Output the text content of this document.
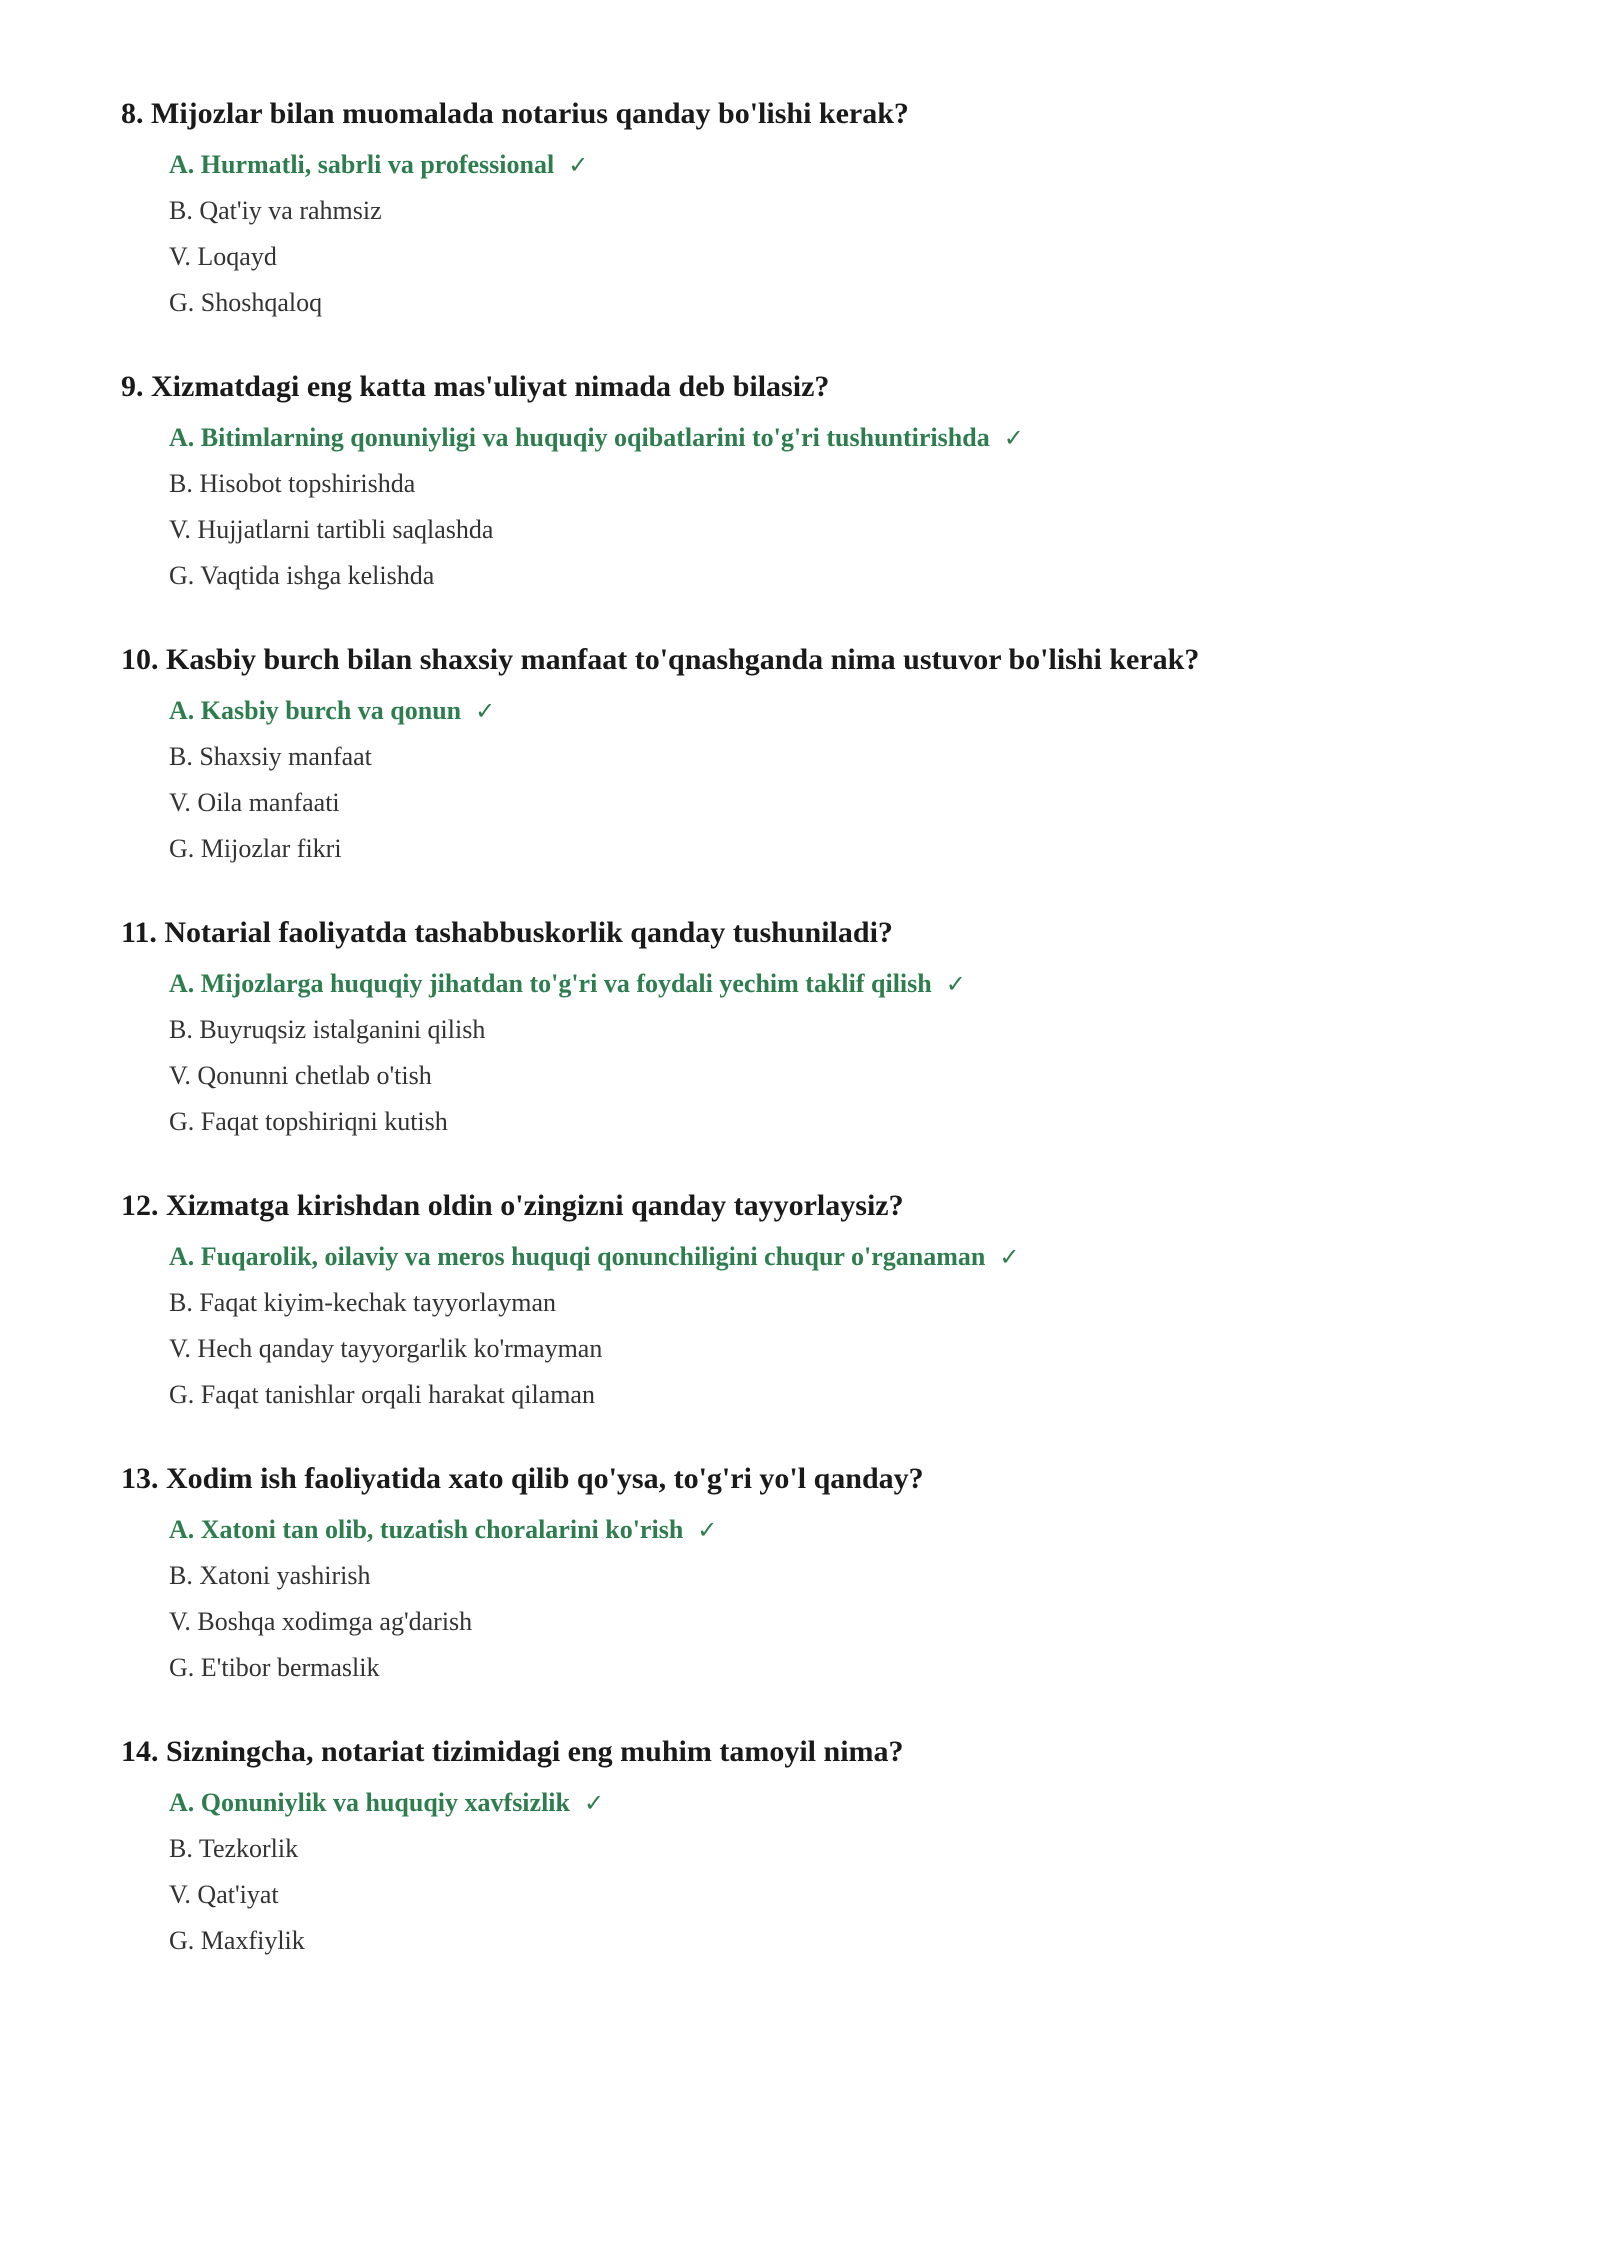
8. Mijozlar bilan muomalada notarius qanday bo'lishi kerak?
A. Hurmatli, sabrli va professional ✓
B. Qat'iy va rahmsiz
V. Loqayd
G. Shoshqaloq
9. Xizmatdagi eng katta mas'uliyat nimada deb bilasiz?
A. Bitimlarning qonuniyligi va huquqiy oqibatlarini to'g'ri tushuntirishda ✓
B. Hisobot topshirishda
V. Hujjatlarni tartibli saqlashda
G. Vaqtida ishga kelishda
10. Kasbiy burch bilan shaxsiy manfaat to'qnashganda nima ustuvor bo'lishi kerak?
A. Kasbiy burch va qonun ✓
B. Shaxsiy manfaat
V. Oila manfaati
G. Mijozlar fikri
11. Notarial faoliyatda tashabbuskorlik qanday tushuniladi?
A. Mijozlarga huquqiy jihatdan to'g'ri va foydali yechim taklif qilish ✓
B. Buyruqsiz istalganini qilish
V. Qonunni chetlab o'tish
G. Faqat topshiriqni kutish
12. Xizmatga kirishdan oldin o'zingizni qanday tayyorlaysiz?
A. Fuqarolik, oilaviy va meros huquqi qonunchiligini chuqur o'rganaman ✓
B. Faqat kiyim-kechak tayyorlayman
V. Hech qanday tayyorgarlik ko'rmayman
G. Faqat tanishlar orqali harakat qilaman
13. Xodim ish faoliyatida xato qilib qo'ysa, to'g'ri yo'l qanday?
A. Xatoni tan olib, tuzatish choralarini ko'rish ✓
B. Xatoni yashirish
V. Boshqa xodimga ag'darish
G. E'tibor bermaslik
14. Sizningcha, notariat tizimidagi eng muhim tamoyil nima?
A. Qonuniylik va huquqiy xavfsizlik ✓
B. Tezkorlik
V. Qat'iyat
G. Maxfiylik
